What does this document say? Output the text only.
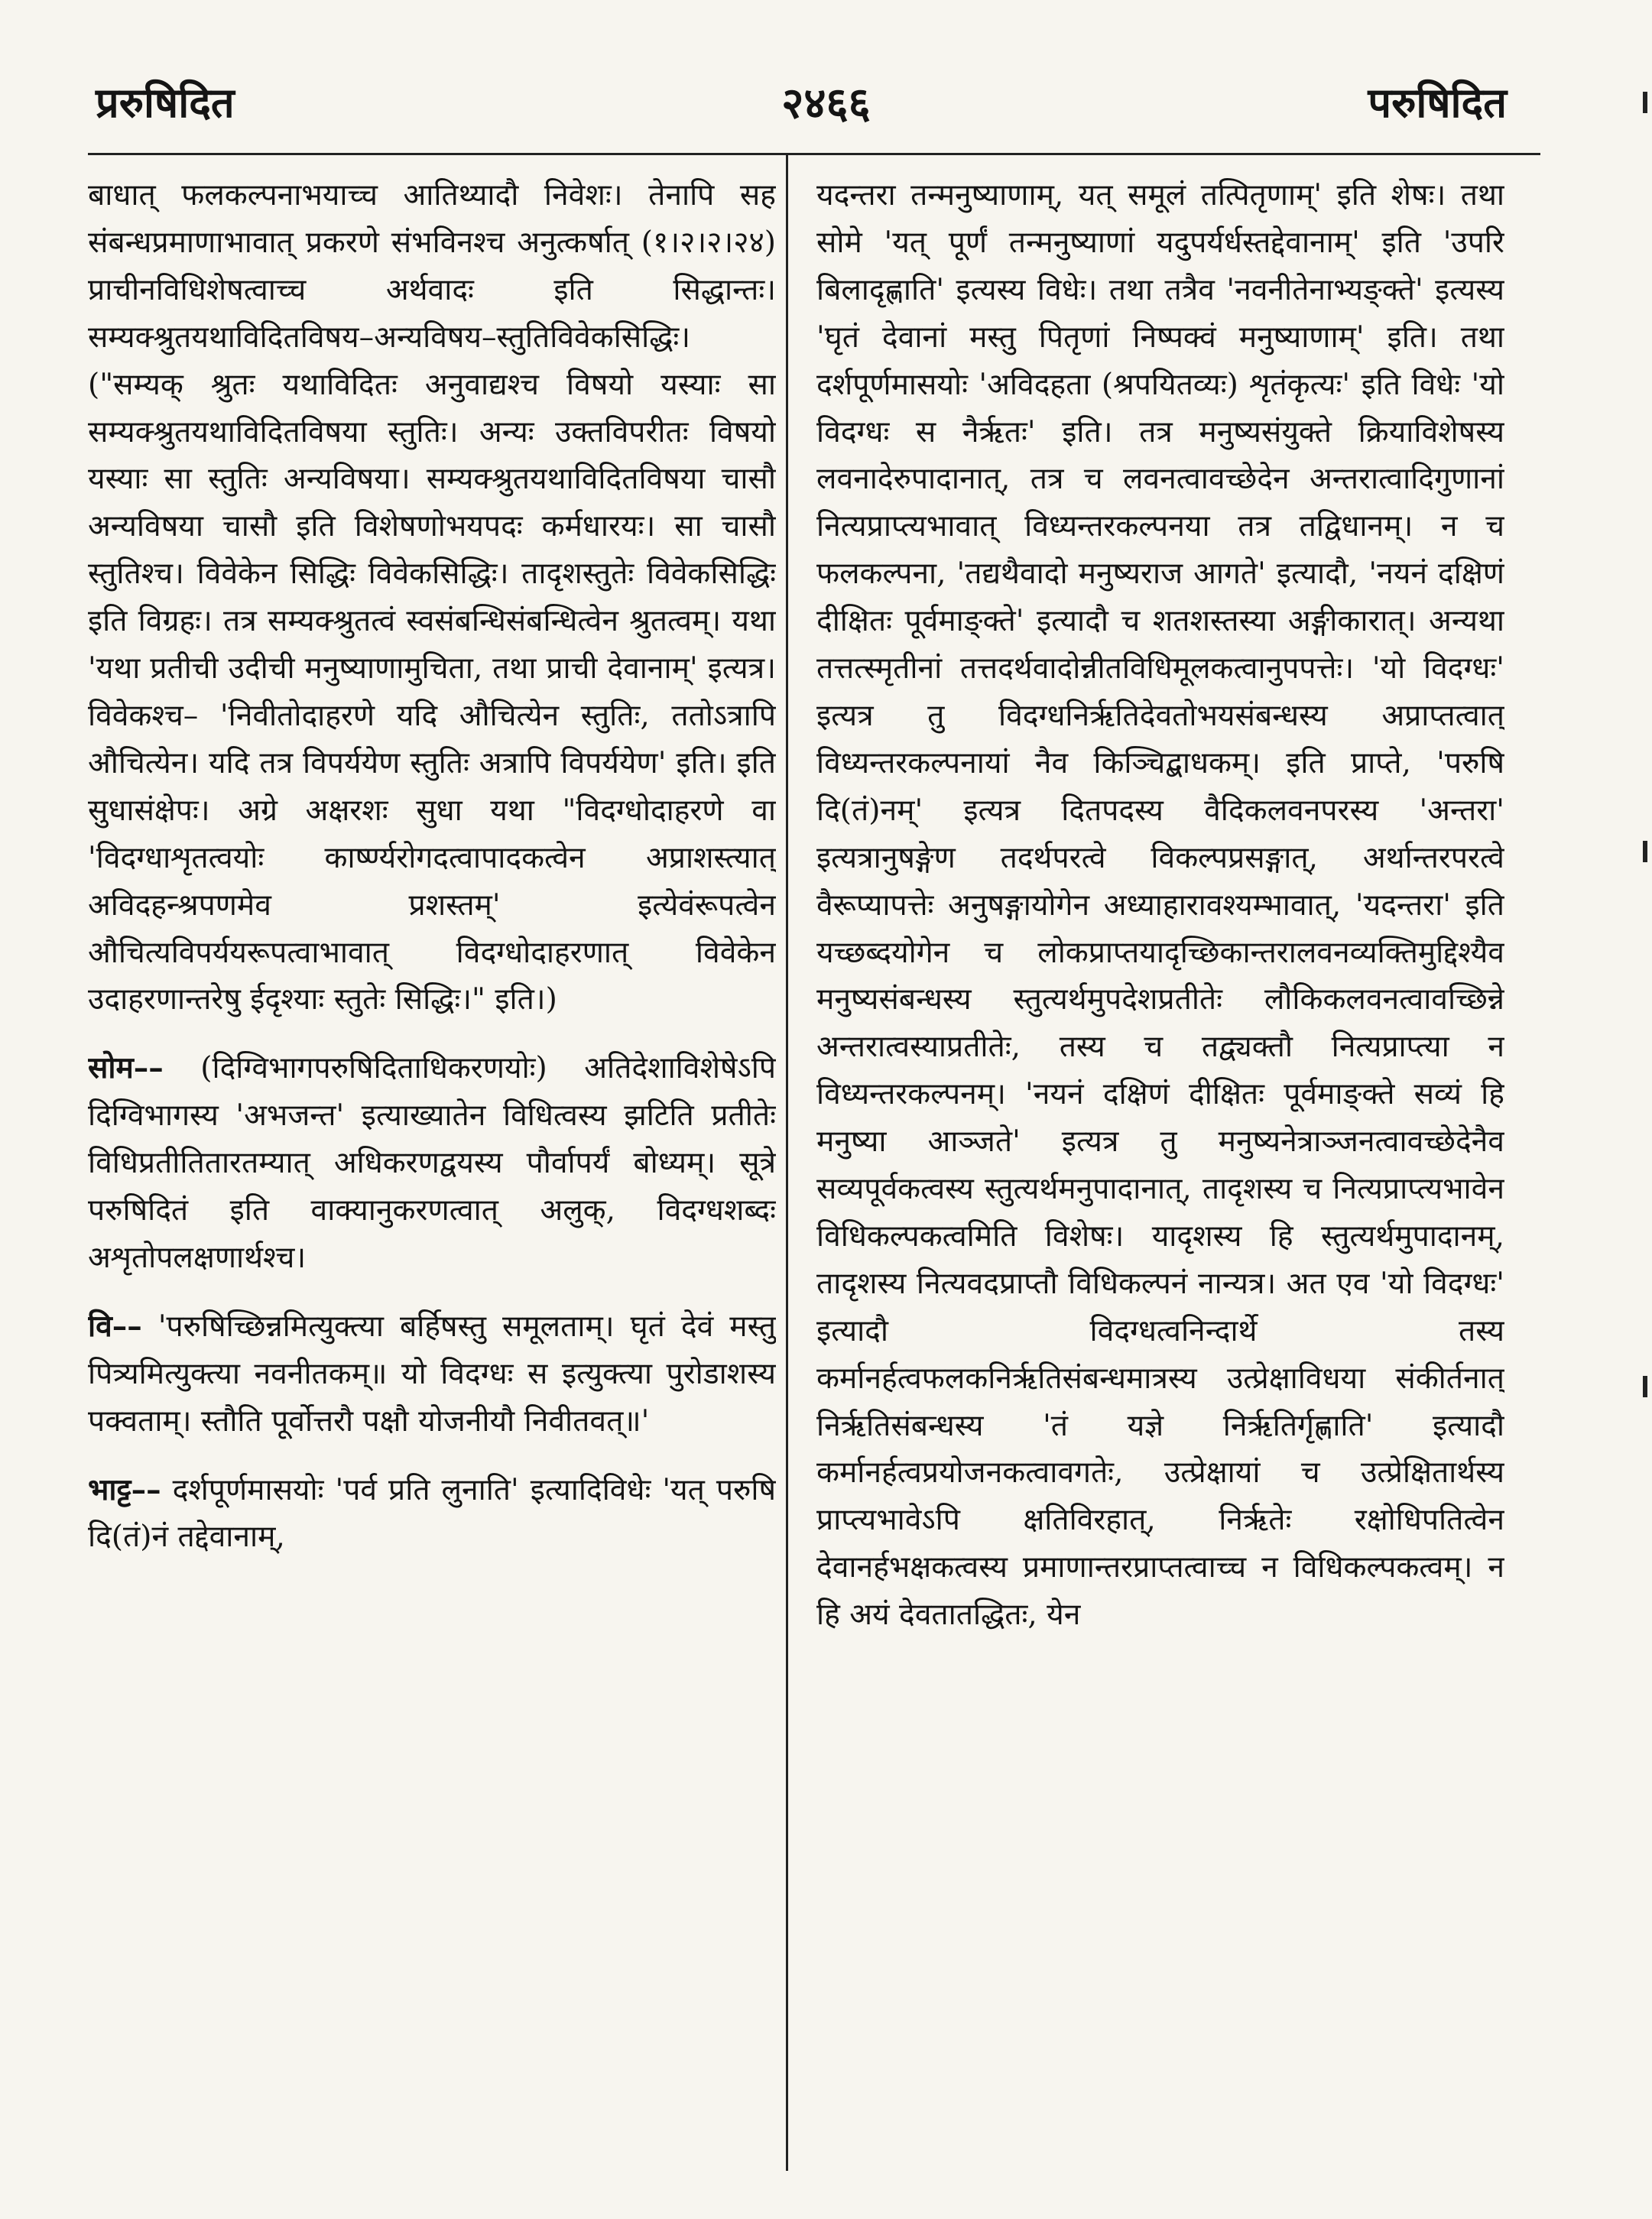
प्ररुषिदित	२४६६	परुषिदित

बाधात् फलकल्पनाभयाच्च आतिथ्यादौ निवेशः। तेनापि सह संबन्धप्रमाणाभावात् प्रकरणे संभविनश्च अनुत्कर्षात् (१।२।२।२४) प्राचीनविधिशेषत्वाच्च अर्थवादः इति सिद्धान्तः। सम्यक्श्रुतयथाविदितविषय–अन्यविषय–स्तुतिविवेकसिद्धिः। ("सम्यक् श्रुतः यथाविदितः अनुवाद्यश्च विषयो यस्याः सा सम्यक्श्रुतयथाविदितविषया स्तुतिः। अन्यः उक्तविपरीतः विषयो यस्याः सा स्तुतिः अन्यविषया। सम्यक्श्रुतयथाविदितविषया चासौ अन्यविषया चासौ इति विशेषणोभयपदः कर्मधारयः। सा चासौ स्तुतिश्च। विवेकेन सिद्धिः विवेकसिद्धिः। तादृशस्तुतेः विवेकसिद्धिः इति विग्रहः। तत्र सम्यक्श्रुतत्वं स्वसंबन्धिसंबन्धित्वेन श्रुतत्वम्। यथा 'यथा प्रतीची उदीची मनुष्याणामुचिता, तथा प्राची देवानाम्' इत्यत्र। विवेकश्च– 'निवीतोदाहरणे यदि औचित्येन स्तुतिः, ततोऽत्रापि औचित्येन। यदि तत्र विपर्ययेण स्तुतिः अत्रापि विपर्ययेण' इति। इति सुधासंक्षेपः। अग्रे अक्षरशः सुधा यथा "विदग्धोदाहरणे वा 'विदग्धाशृतत्वयोः कार्ष्ण्यरोगदत्वापादकत्वेन अप्राशस्त्यात् अविदहन्श्रपणमेव प्रशस्तम्' इत्येवंरूपत्वेन औचित्यविपर्ययरूपत्वाभावात् विदग्धोदाहरणात् विवेकेन उदाहरणान्तरेषु ईदृश्याः स्तुतेः सिद्धिः।" इति।)

सोम–– (दिग्विभागपरुषिदिताधिकरणयोः) अतिदेशाविशेषेऽपि दिग्विभागस्य 'अभजन्त' इत्याख्यातेन विधित्वस्य झटिति प्रतीतेः विधिप्रतीतितारतम्यात् अधिकरणद्वयस्य पौर्वापर्यं बोध्यम्। सूत्रे परुषिदितं इति वाक्यानुकरणत्वात् अलुक्, विदग्धशब्दः अशृतोपलक्षणार्थश्च।

वि–– 'परुषिच्छिन्नमित्युक्त्या बर्हिषस्तु समूलताम्। घृतं देवं मस्तु पित्र्यमित्युक्त्या नवनीतकम्॥ यो विदग्धः स इत्युक्त्या पुरोडाशस्य पक्वताम्। स्तौति पूर्वोत्तरौ पक्षौ योजनीयौ निवीतवत्॥'

भाट्ट–– दर्शपूर्णमासयोः 'पर्व प्रति लुनाति' इत्यादिविधेः 'यत् परुषि दि(तं)नं तद्देवानाम्,

यदन्तरा तन्मनुष्याणाम्, यत् समूलं तत्पितृणाम्' इति शेषः। तथा सोमे 'यत् पूर्णं तन्मनुष्याणां यदुपर्यर्धस्तद्देवानाम्' इति 'उपरि बिलादृह्णाति' इत्यस्य विधेः। तथा तत्रैव 'नवनीतेनाभ्यङ्क्ते' इत्यस्य 'घृतं देवानां मस्तु पितृणां निष्पक्वं मनुष्याणाम्' इति। तथा दर्शपूर्णमासयोः 'अविदहता (श्रपयितव्यः) शृतंकृत्यः' इति विधेः 'यो विदग्धः स नैर्ऋतः' इति। तत्र मनुष्यसंयुक्ते क्रियाविशेषस्य लवनादेरुपादानात्, तत्र च लवनत्वावच्छेदेन अन्तरात्वादिगुणानां नित्यप्राप्त्यभावात् विध्यन्तरकल्पनया तत्र तद्विधानम्। न च फलकल्पना, 'तद्यथैवादो मनुष्यराज आगते' इत्यादौ, 'नयनं दक्षिणं दीक्षितः पूर्वमाङ्क्ते' इत्यादौ च शतशस्तस्या अङ्गीकारात्। अन्यथा तत्तत्स्मृतीनां तत्तदर्थवादोन्नीतविधिमूलकत्वानुपपत्तेः। 'यो विदग्धः' इत्यत्र तु विदग्धनिर्ऋतिदेवतोभयसंबन्धस्य अप्राप्तत्वात् विध्यन्तरकल्पनायां नैव किञ्चिद्बाधकम्। इति प्राप्ते, 'परुषि दि(तं)नम्' इत्यत्र दितपदस्य वैदिकलवनपरस्य 'अन्तरा' इत्यत्रानुषङ्गेण तदर्थपरत्वे विकल्पप्रसङ्गात्, अर्थान्तरपरत्वे वैरूप्यापत्तेः अनुषङ्गायोगेन अध्याहारावश्यम्भावात्, 'यदन्तरा' इति यच्छब्दयोगेन च लोकप्राप्तयादृच्छिकान्तरालवनव्यक्तिमुद्दिश्यैव मनुष्यसंबन्धस्य स्तुत्यर्थमुपदेशप्रतीतेः लौकिकलवनत्वावच्छिन्ने अन्तरात्वस्याप्रतीतेः, तस्य च तद्व्यक्तौ नित्यप्राप्त्या न विध्यन्तरकल्पनम्। 'नयनं दक्षिणं दीक्षितः पूर्वमाङ्क्ते सव्यं हि मनुष्या आञ्जते' इत्यत्र तु मनुष्यनेत्राञ्जनत्वावच्छेदेनैव सव्यपूर्वकत्वस्य स्तुत्यर्थमनुपादानात्, तादृशस्य च नित्यप्राप्त्यभावेन विधिकल्पकत्वमिति विशेषः। यादृशस्य हि स्तुत्यर्थमुपादानम्, तादृशस्य नित्यवदप्राप्तौ विधिकल्पनं नान्यत्र। अत एव 'यो विदग्धः' इत्यादौ विदग्धत्वनिन्दार्थे तस्य कर्मानर्हत्वफलकनिर्ऋतिसंबन्धमात्रस्य उत्प्रेक्षाविधया संकीर्तनात् निर्ऋतिसंबन्धस्य 'तं यज्ञे निर्ऋतिर्गृह्णाति' इत्यादौ कर्मानर्हत्वप्रयोजनकत्वावगतेः, उत्प्रेक्षायां च उत्प्रेक्षितार्थस्य प्राप्त्यभावेऽपि क्षतिविरहात्, निर्ऋतेः रक्षोधिपतित्वेन देवानर्हभक्षकत्वस्य प्रमाणान्तरप्राप्तत्वाच्च न विधिकल्पकत्वम्। न हि अयं देवतातद्धितः, येन
